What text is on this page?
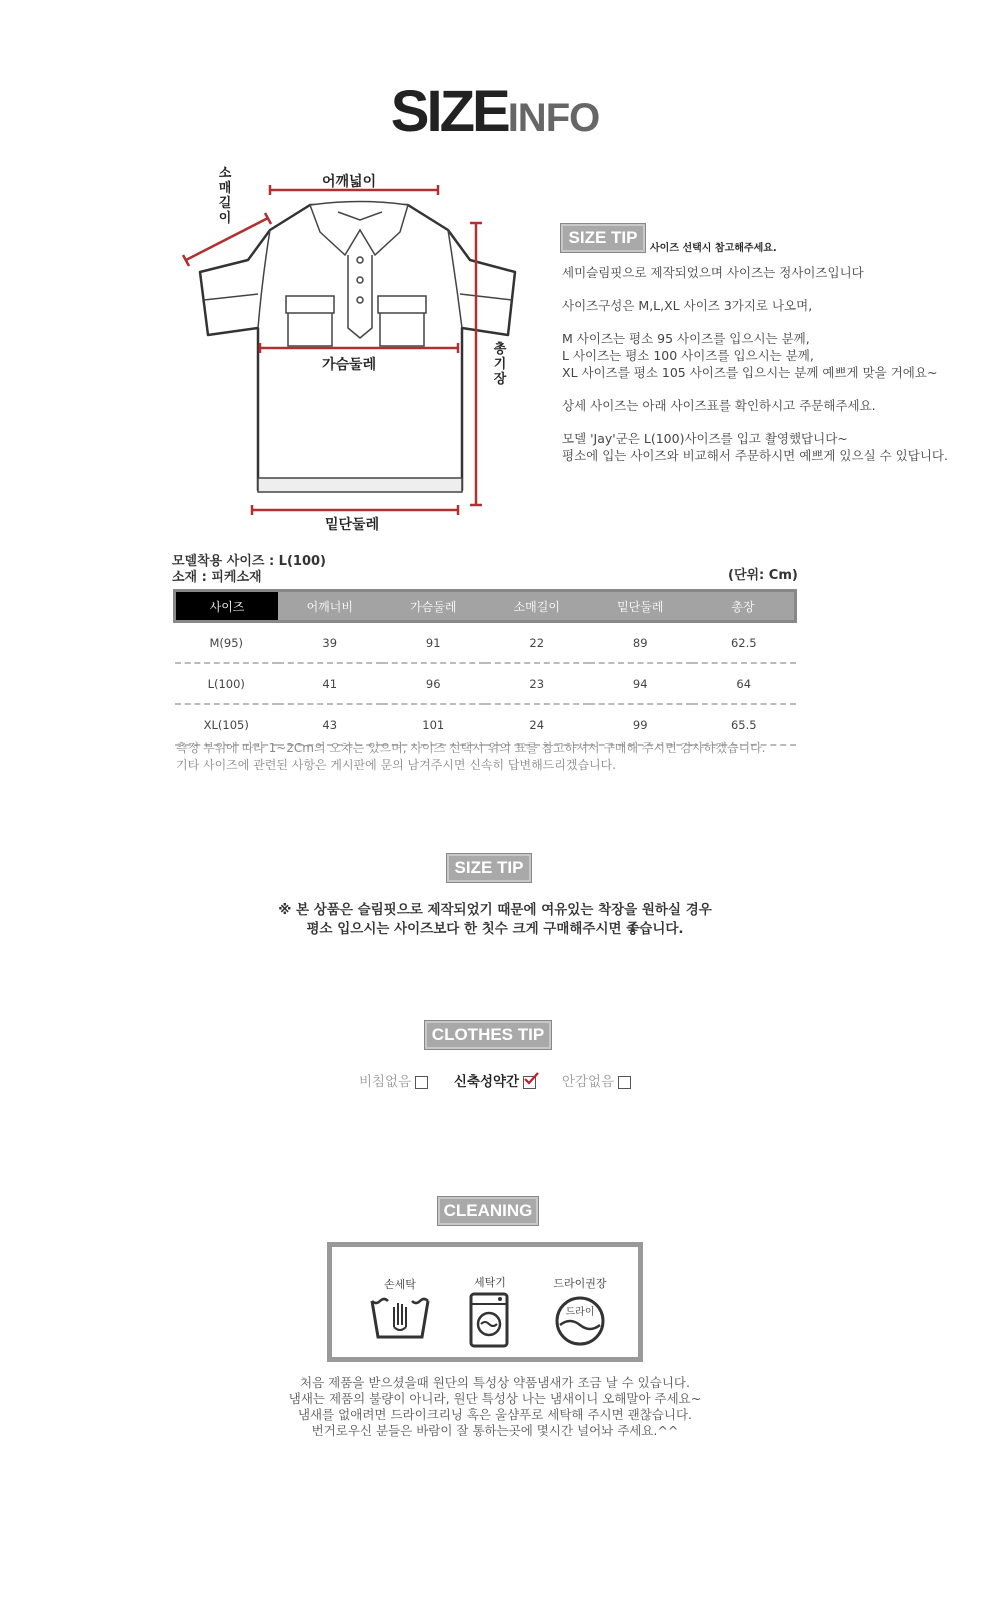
SIZEINFO
어깨넓이
소매길이
가슴둘레
총기장
밑단둘레
SIZE TIP
사이즈 선택시 참고해주세요.

세미슬림핏으로 제작되었으며 사이즈는 정사이즈입니다

사이즈구성은 M,L,XL 사이즈 3가지로 나오며,

M 사이즈는 평소 95 사이즈를 입으시는 분께,

L 사이즈는 평소 100 사이즈를 입으시는 분께,

XL 사이즈를 평소 105 사이즈를 입으시는 분께 예쁘게 맞을 거에요~

상세 사이즈는 아래 사이즈표를 확인하시고 주문해주세요.

모델 'Jay'군은 L(100)사이즈를 입고 촬영했답니다~

평소에 입는 사이즈와 비교해서 주문하시면 예쁘게 있으실 수 있답니다.

모델착용 사이즈 : L(100)
소재 : 피케소재	(단위: Cm)
사이즈	어깨너비	가슴둘레	소매길이	밑단둘레	총장
M(95)	39	91	22	89	62.5
L(100)	41	96	23	94	64
XL(105)	43	101	24	99	65.5
측정 부위에 따라 1~2Cm의 오차는 있으며, 사이즈 선택시 위의 표를 참고하셔서 구매해 주시면 감사하겠습니다.
기타 사이즈에 관련된 사항은 게시판에 문의 남겨주시면 신속히 답변해드리겠습니다.
SIZE TIP
※ 본 상품은 슬림핏으로 제작되었기 때문에 여유있는 착장을 원하실 경우
평소 입으시는 사이즈보다 한 칫수 크게 구매해주시면 좋습니다.
CLOTHES TIP
비침없음	신축성약간	안감없음
CLEANING
손세탁	세탁기	드라이권장
드라이
처음 제품을 받으셨을때 원단의 특성상 약품냄새가 조금 날 수 있습니다.
냄새는 제품의 불량이 아니라, 원단 특성상 나는 냄새이니 오해말아 주세요~
냄새를 없애려면 드라이크리닝 혹은 울샴푸로 세탁해 주시면 괜찮습니다.
번거로우신 분들은 바람이 잘 통하는곳에 몇시간 널어놔 주세요.^^
